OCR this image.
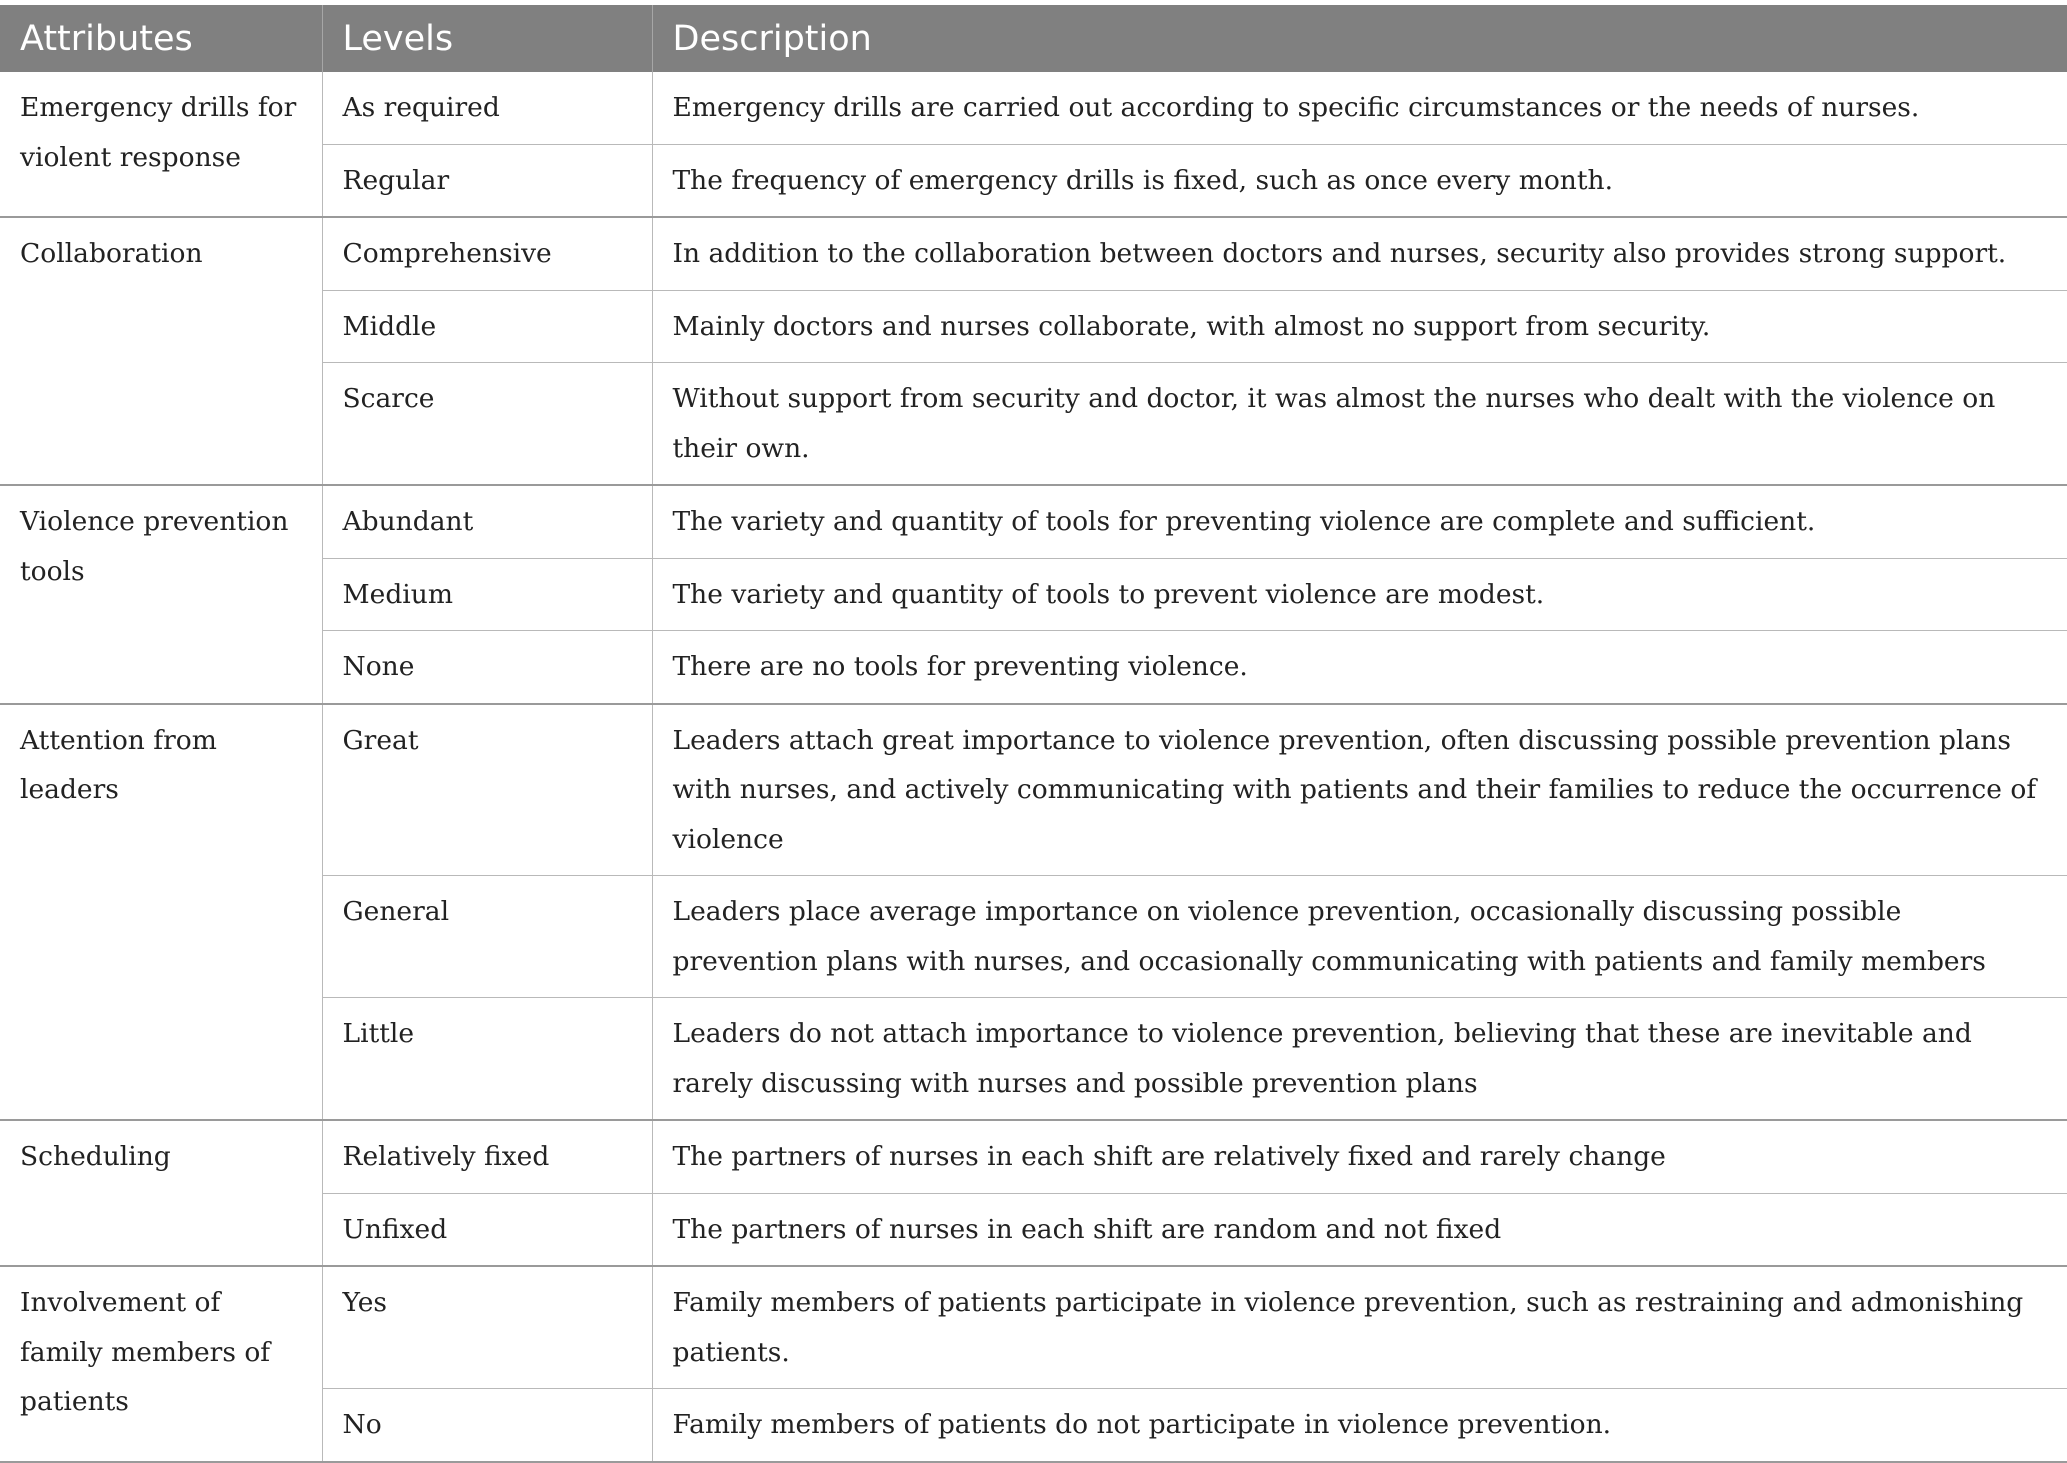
Attributes	Levels	Description
Emergency drills for violent response	As required	Emergency drills are carried out according to specific circumstances or the needs of nurses.
	Regular	The frequency of emergency drills is fixed, such as once every month.
Collaboration	Comprehensive	In addition to the collaboration between doctors and nurses, security also provides strong support.
	Middle	Mainly doctors and nurses collaborate, with almost no support from security.
	Scarce	Without support from security and doctor, it was almost the nurses who dealt with the violence on their own.
Violence prevention tools	Abundant	The variety and quantity of tools for preventing violence are complete and sufficient.
	Medium	The variety and quantity of tools to prevent violence are modest.
	None	There are no tools for preventing violence.
Attention from leaders	Great	Leaders attach great importance to violence prevention, often discussing possible prevention plans with nurses, and actively communicating with patients and their families to reduce the occurrence of violence
	General	Leaders place average importance on violence prevention, occasionally discussing possible prevention plans with nurses, and occasionally communicating with patients and family members
	Little	Leaders do not attach importance to violence prevention, believing that these are inevitable and rarely discussing with nurses and possible prevention plans
Scheduling	Relatively fixed	The partners of nurses in each shift are relatively fixed and rarely change
	Unfixed	The partners of nurses in each shift are random and not fixed
Involvement of family members of patients	Yes	Family members of patients participate in violence prevention, such as restraining and admonishing patients.
	No	Family members of patients do not participate in violence prevention.
